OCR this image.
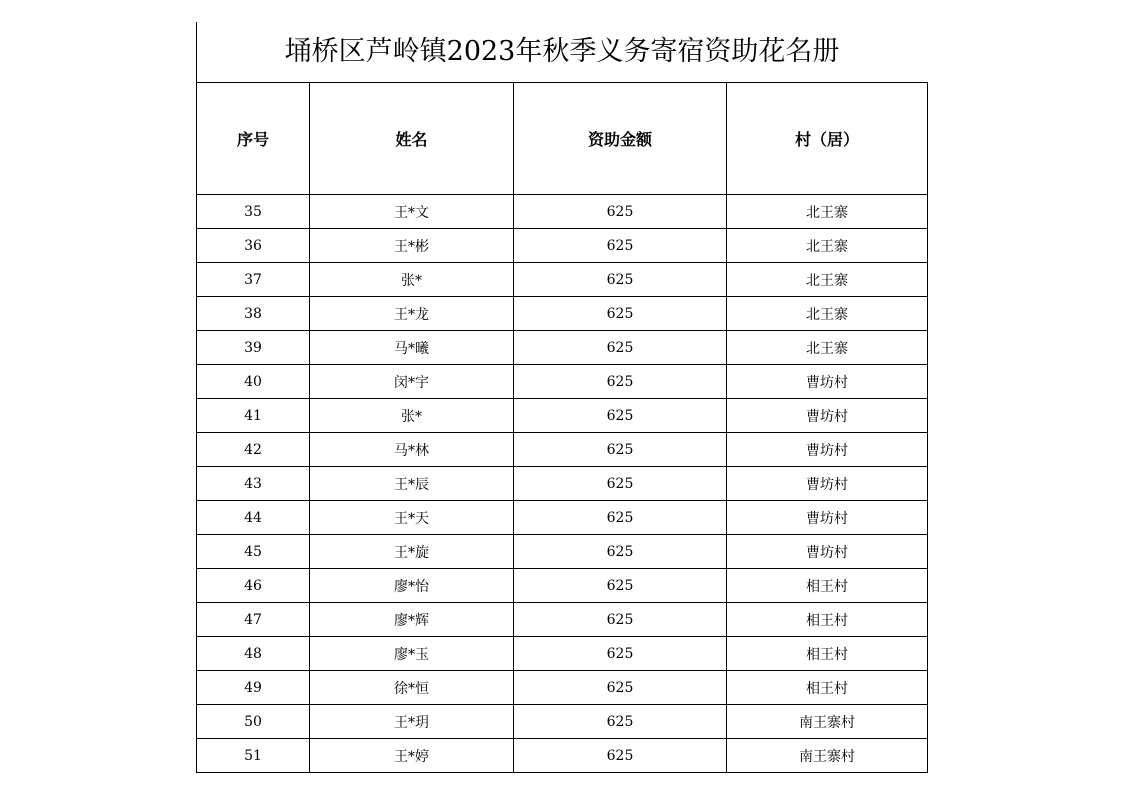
埇桥区芦岭镇2023年秋季义务寄宿资助花名册
序号	姓名	资助金额	村（居）
35	王*文	625	北王寨
36	王*彬	625	北王寨
37	张*	625	北王寨
38	王*龙	625	北王寨
39	马*曦	625	北王寨
40	闵*宇	625	曹坊村
41	张*	625	曹坊村
42	马*林	625	曹坊村
43	王*辰	625	曹坊村
44	王*天	625	曹坊村
45	王*旋	625	曹坊村
46	廖*怡	625	相王村
47	廖*辉	625	相王村
48	廖*玉	625	相王村
49	徐*恒	625	相王村
50	王*玥	625	南王寨村
51	王*婷	625	南王寨村
